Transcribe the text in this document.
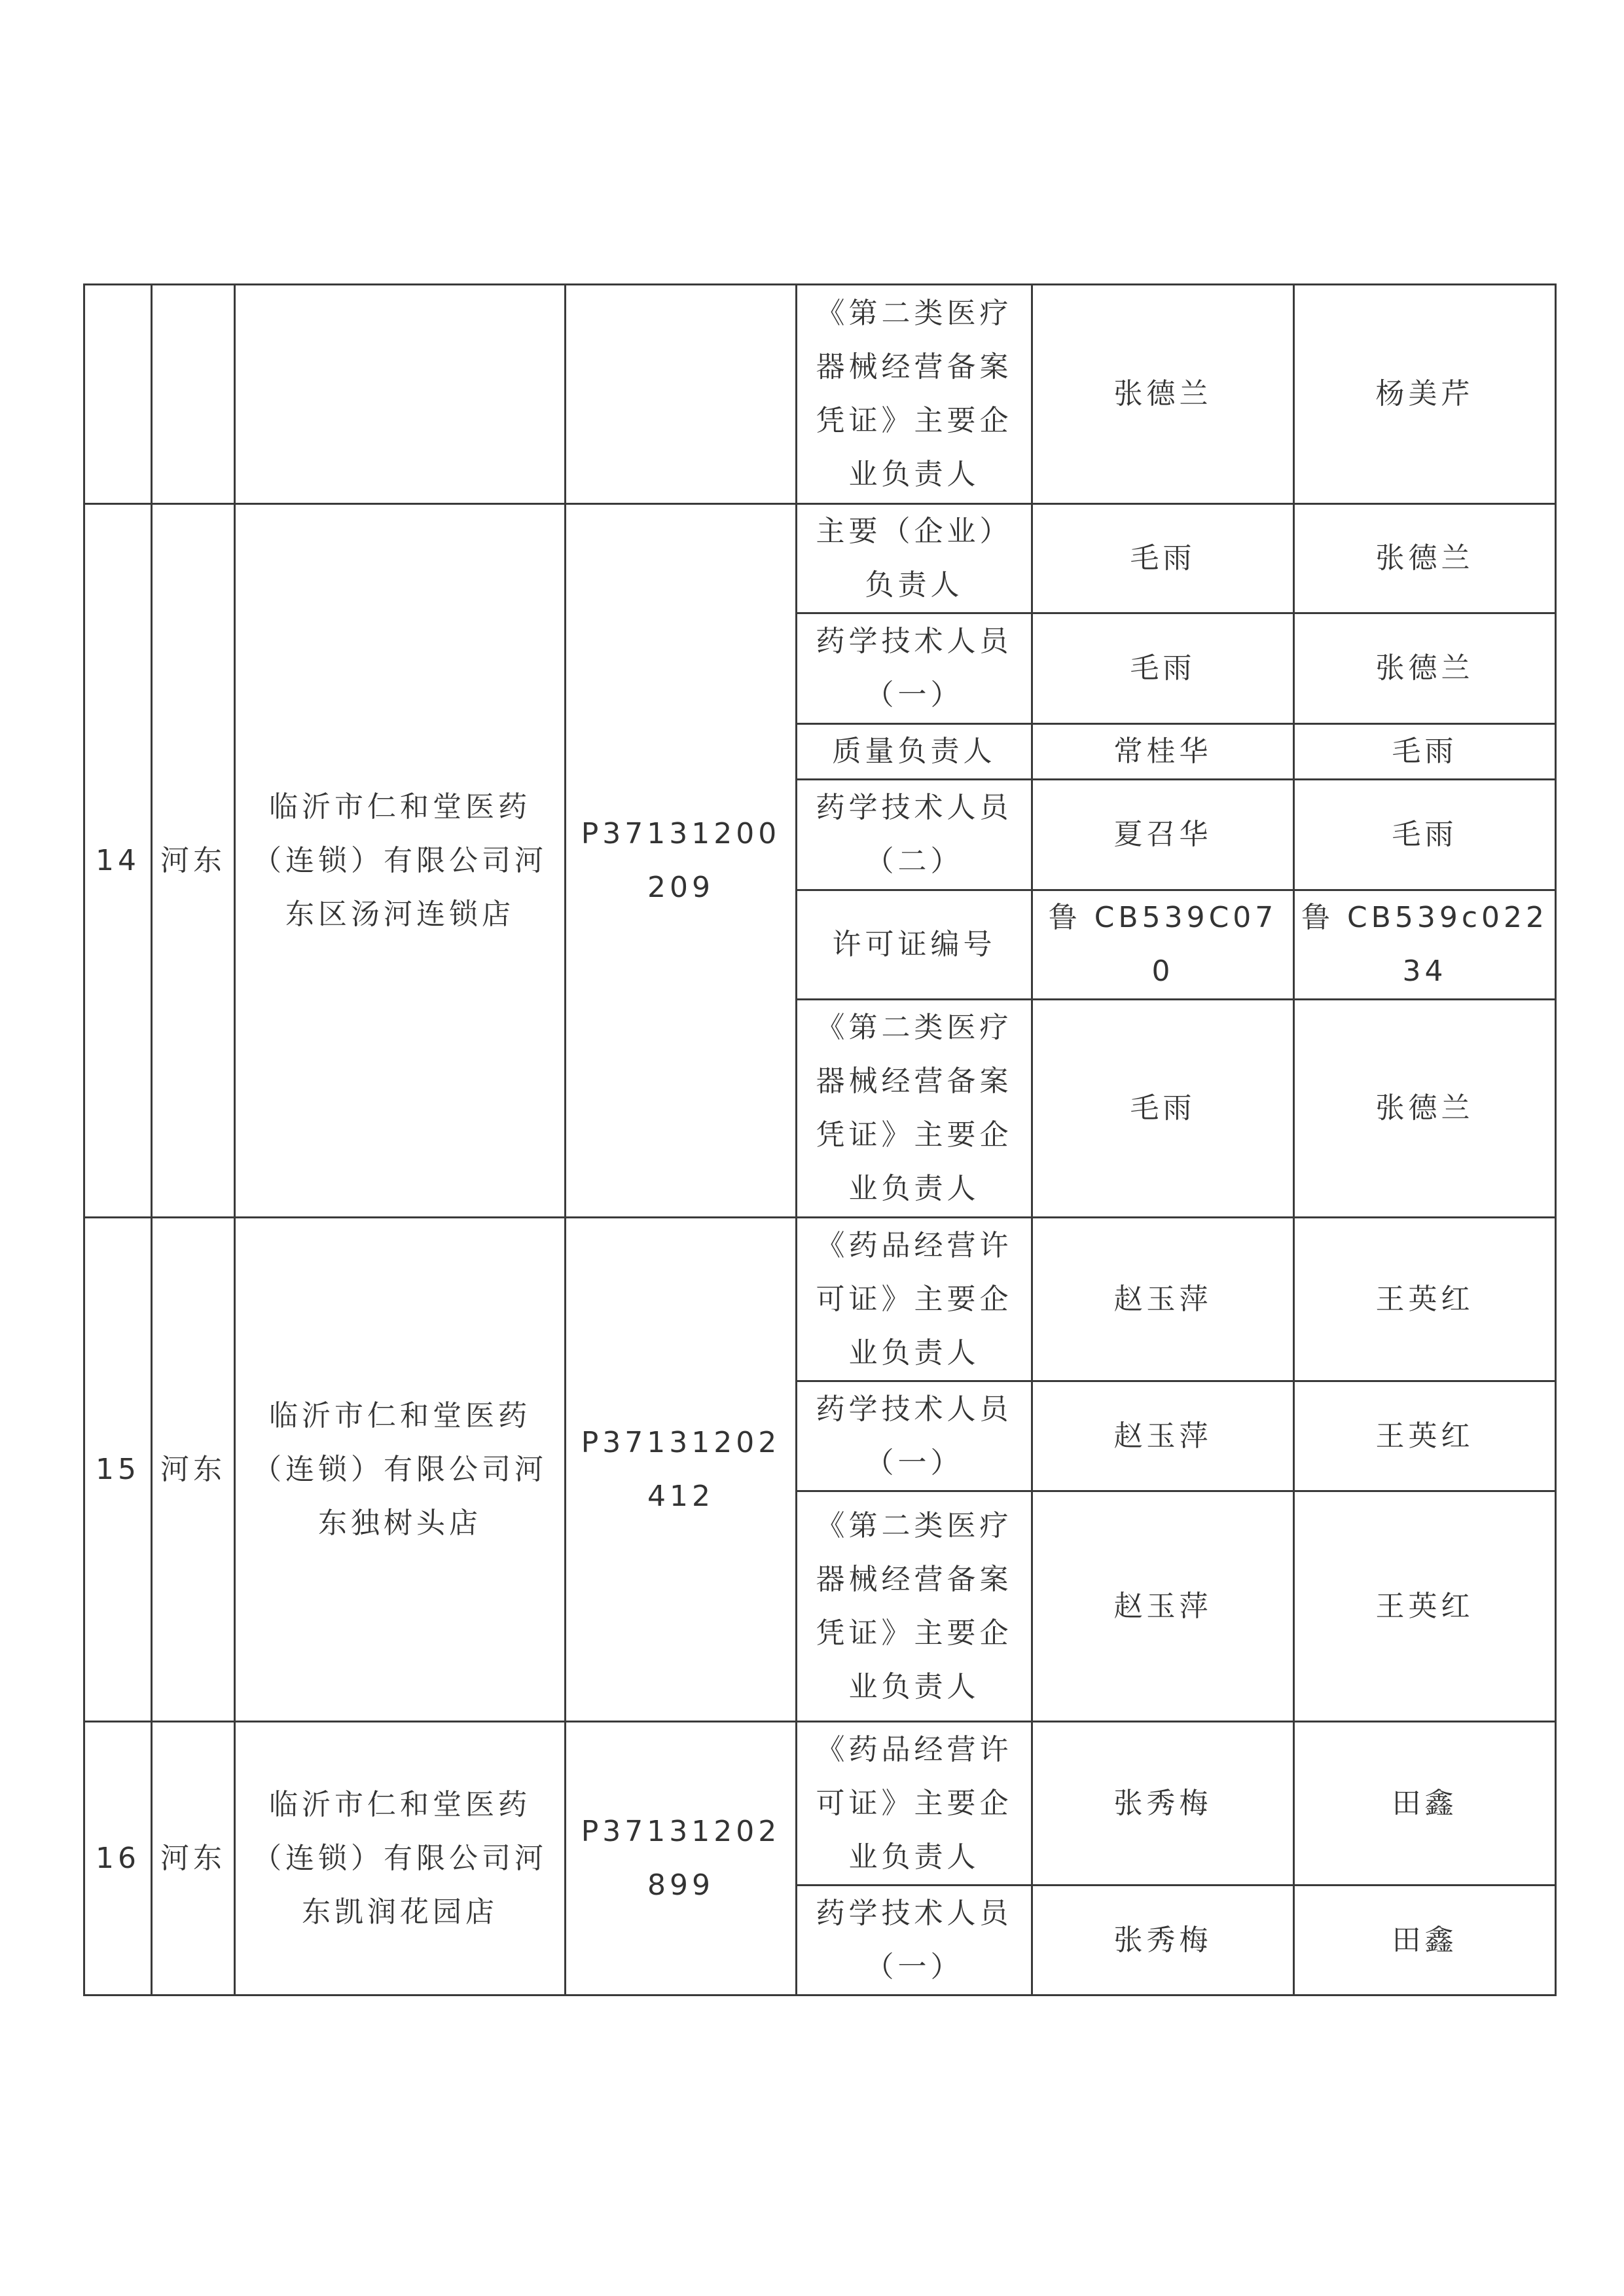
				《第二类医疗器械经营备案凭证》主要企业负责人	张德兰	杨美芹
14	河东	临沂市仁和堂医药（连锁）有限公司河东区汤河连锁店	P37131200209	主要（企业）负责人	毛雨	张德兰
				药学技术人员（一）	毛雨	张德兰
				质量负责人	常桂华	毛雨
				药学技术人员（二）	夏召华	毛雨
				许可证编号	鲁 CB539C070	鲁 CB539c02234
				《第二类医疗器械经营备案凭证》主要企业负责人	毛雨	张德兰
15	河东	临沂市仁和堂医药（连锁）有限公司河东独树头店	P37131202412	《药品经营许可证》主要企业负责人	赵玉萍	王英红
				药学技术人员（一）	赵玉萍	王英红
				《第二类医疗器械经营备案凭证》主要企业负责人	赵玉萍	王英红
16	河东	临沂市仁和堂医药（连锁）有限公司河东凯润花园店	P37131202899	《药品经营许可证》主要企业负责人	张秀梅	田鑫
				药学技术人员（一）	张秀梅	田鑫
